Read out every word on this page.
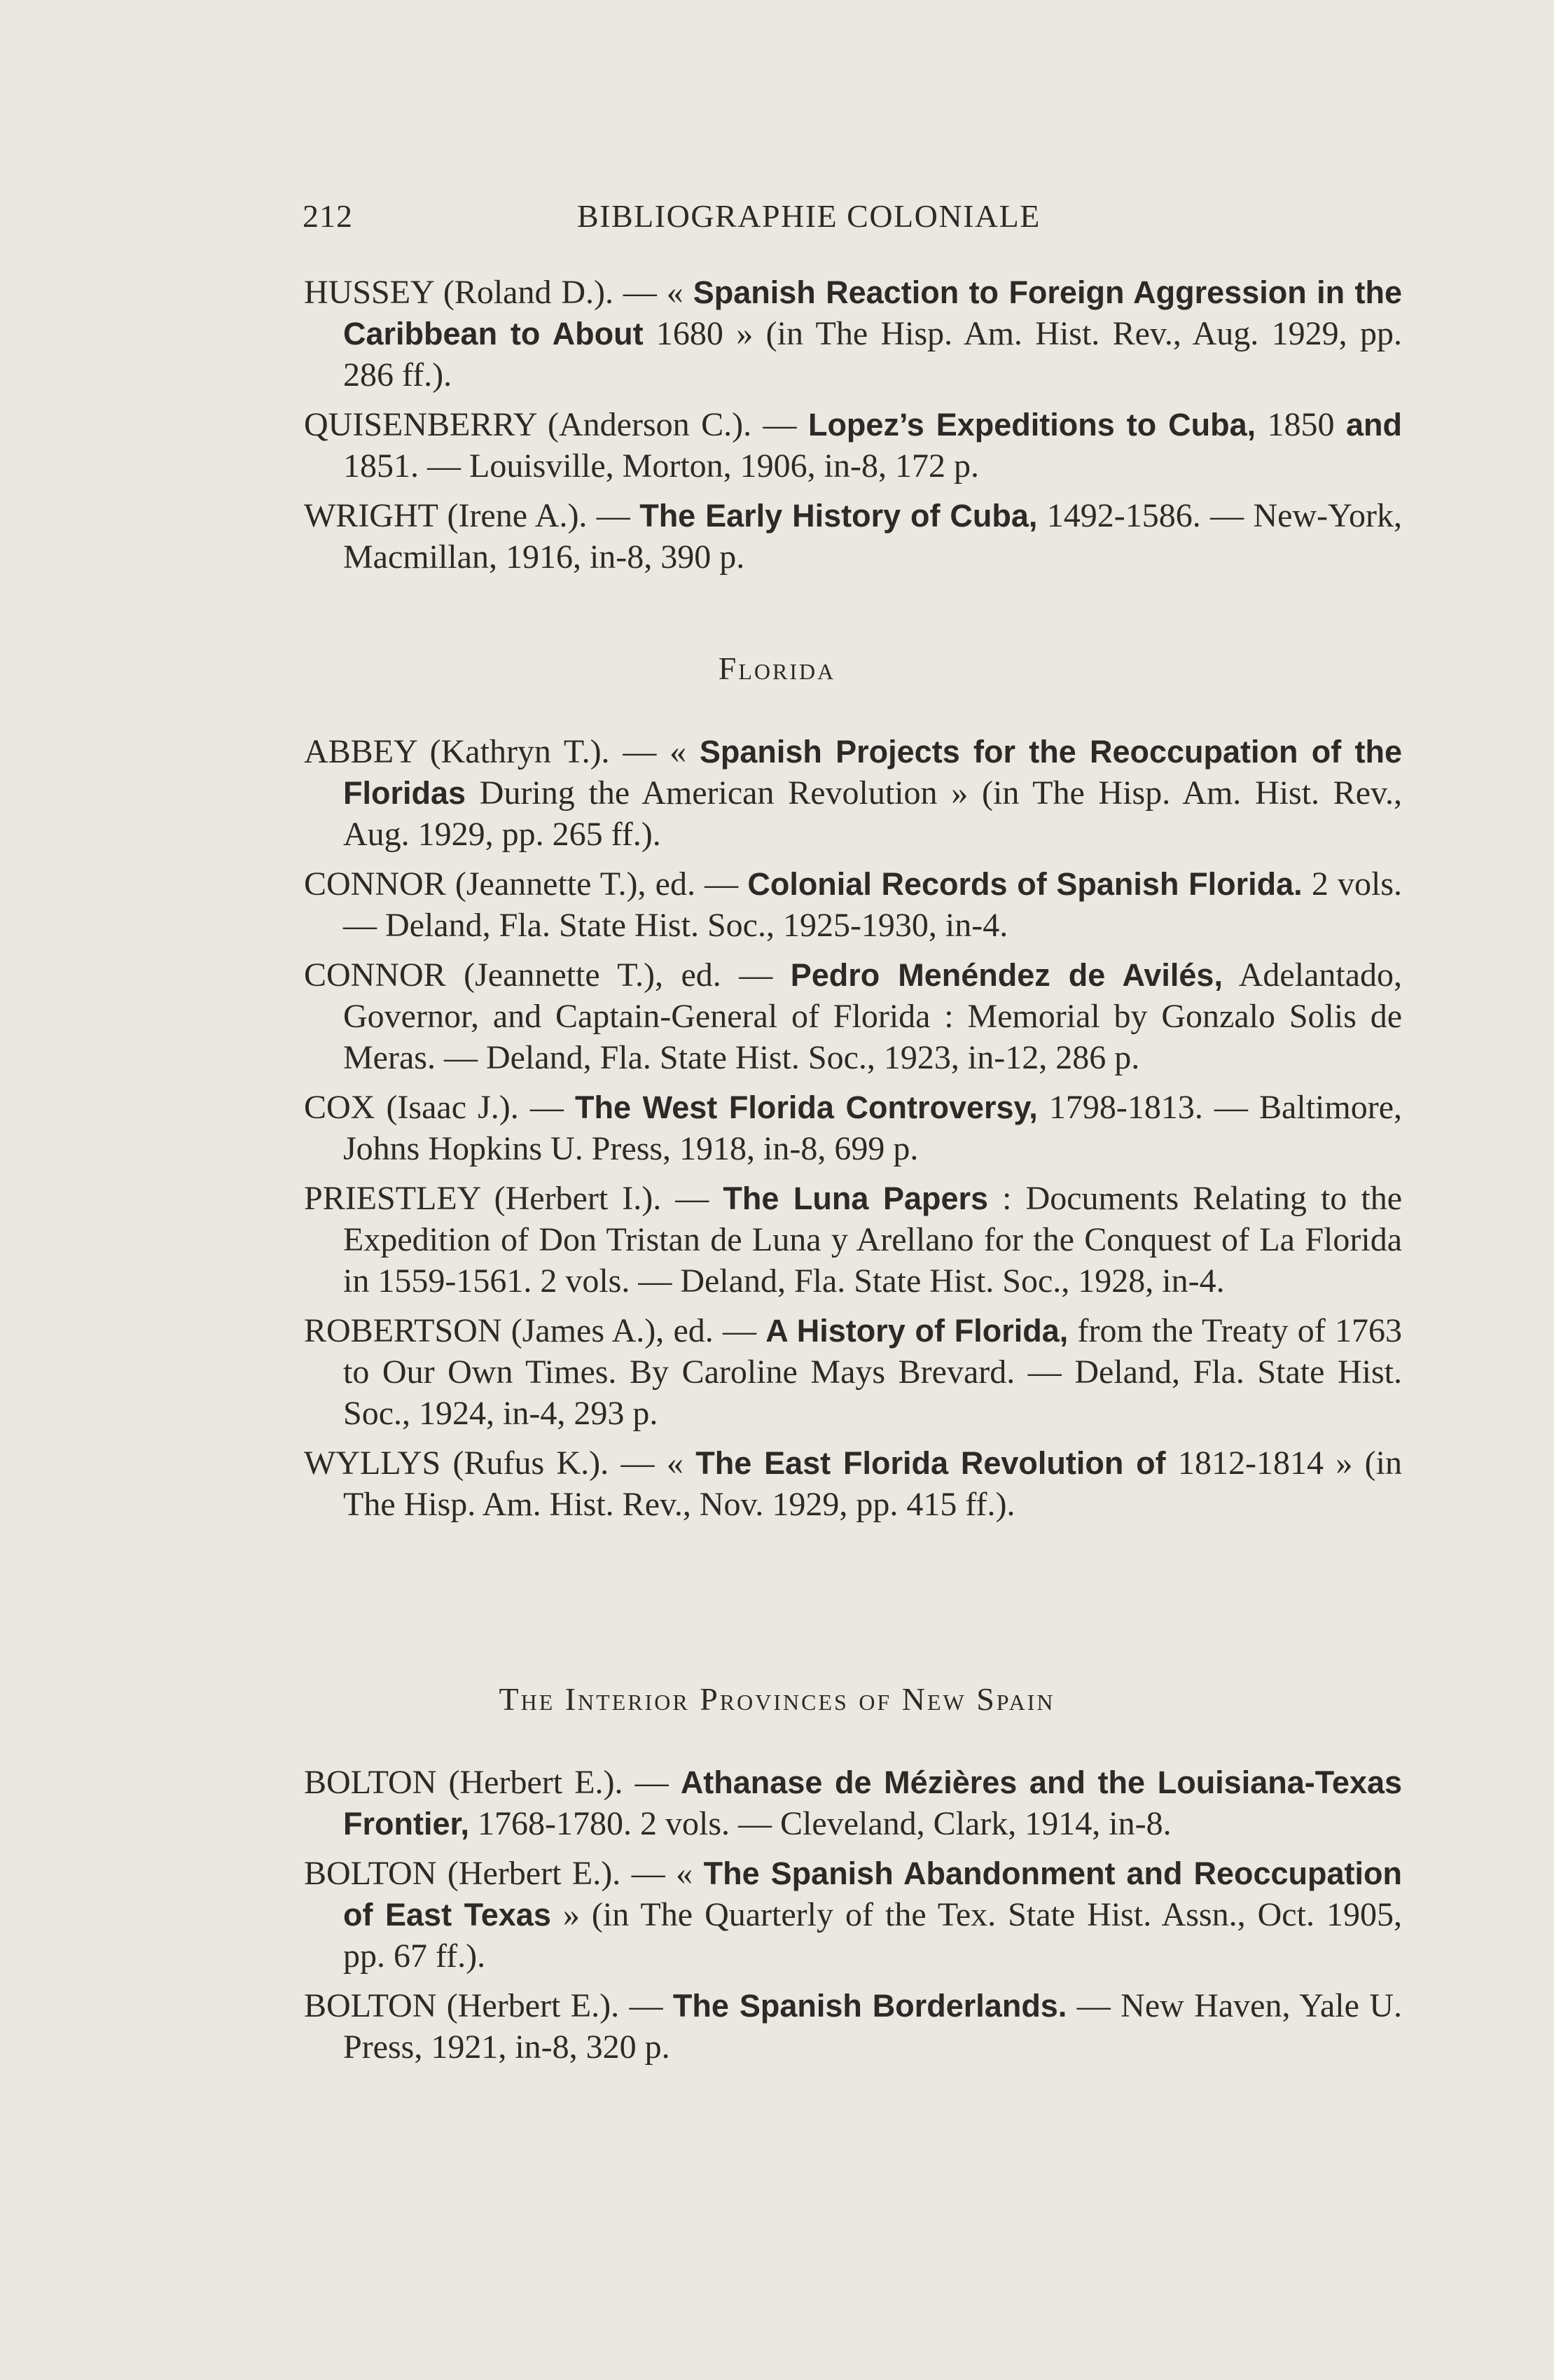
212	BIBLIOGRAPHIE COLONIALE

HUSSEY (Roland D.). — « Spanish Reaction to Foreign Aggression in the Caribbean to About 1680 » (in The Hisp. Am. Hist. Rev., Aug. 1929, pp. 286 ff.).

QUISENBERRY (Anderson C.). — Lopez’s Expeditions to Cuba, 1850 and 1851. — Louisville, Morton, 1906, in-8, 172 p.

WRIGHT (Irene A.). — The Early History of Cuba, 1492-1586. — New-York, Macmillan, 1916, in-8, 390 p.

Florida

ABBEY (Kathryn T.). — « Spanish Projects for the Reoccupation of the Floridas During the American Revolution » (in The Hisp. Am. Hist. Rev., Aug. 1929, pp. 265 ff.).

CONNOR (Jeannette T.), ed. — Colonial Records of Spanish Florida. 2 vols. — Deland, Fla. State Hist. Soc., 1925-1930, in-4.

CONNOR (Jeannette T.), ed. — Pedro Menéndez de Avilés, Adelantado, Governor, and Captain-General of Florida : Memorial by Gonzalo Solis de Meras. — Deland, Fla. State Hist. Soc., 1923, in-12, 286 p.

COX (Isaac J.). — The West Florida Controversy, 1798-1813. — Baltimore, Johns Hopkins U. Press, 1918, in-8, 699 p.

PRIESTLEY (Herbert I.). — The Luna Papers : Documents Relating to the Expedition of Don Tristan de Luna y Arellano for the Conquest of La Florida in 1559-1561. 2 vols. — Deland, Fla. State Hist. Soc., 1928, in-4.

ROBERTSON (James A.), ed. — A History of Florida, from the Treaty of 1763 to Our Own Times. By Caroline Mays Brevard. — Deland, Fla. State Hist. Soc., 1924, in-4, 293 p.

WYLLYS (Rufus K.). — « The East Florida Revolution of 1812-1814 » (in The Hisp. Am. Hist. Rev., Nov. 1929, pp. 415 ff.).

The Interior Provinces of New Spain

BOLTON (Herbert E.). — Athanase de Mézières and the Louisiana-Texas Frontier, 1768-1780. 2 vols. — Cleveland, Clark, 1914, in-8.

BOLTON (Herbert E.). — « The Spanish Abandonment and Reoccupation of East Texas » (in The Quarterly of the Tex. State Hist. Assn., Oct. 1905, pp. 67 ff.).

BOLTON (Herbert E.). — The Spanish Borderlands. — New Haven, Yale U. Press, 1921, in-8, 320 p.
